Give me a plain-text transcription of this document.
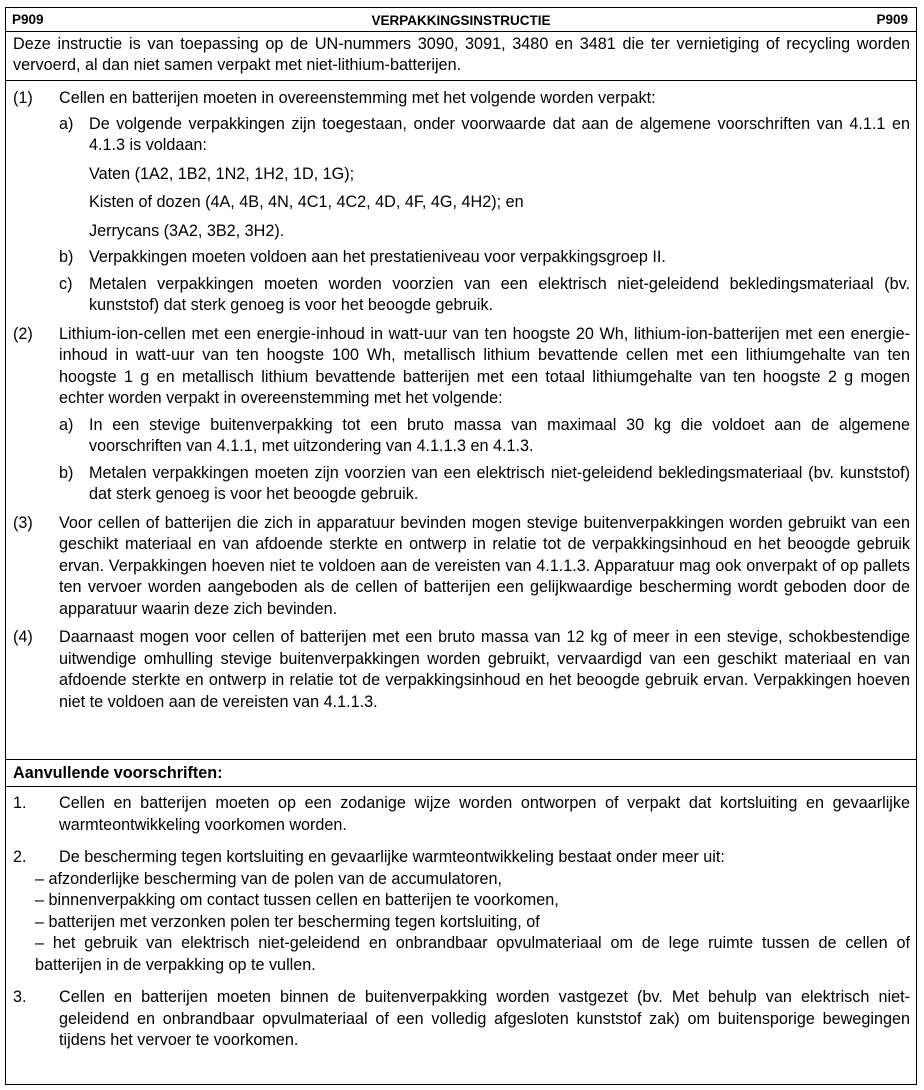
P909	VERPAKKINGSINSTRUCTIE	P909
Deze instructie is van toepassing op de UN-nummers 3090, 3091, 3480 en 3481 die ter vernietiging of recycling worden vervoerd, al dan niet samen verpakt met niet-lithium-batterijen.
(1)	Cellen en batterijen moeten in overeenstemming met het volgende worden verpakt:

a) De volgende verpakkingen zijn toegestaan, onder voorwaarde dat aan de algemene voorschriften van 4.1.1 en 4.1.3 is voldaan:
Vaten (1A2, 1B2, 1N2, 1H2, 1D, 1G);
Kisten of dozen (4A, 4B, 4N, 4C1, 4C2, 4D, 4F, 4G, 4H2); en
Jerrycans (3A2, 3B2, 3H2).
b) Verpakkingen moeten voldoen aan het prestatieniveau voor verpakkingsgroep II.
c)	Metalen verpakkingen moeten worden voorzien van een elektrisch niet-geleidend bekledingsmateriaal (bv. kunststof) dat sterk genoeg is voor het beoogde gebruik.
(2)	Lithium-ion-cellen met een energie-inhoud in watt-uur van ten hoogste 20 Wh, lithium-ion-batterijen met een energie-inhoud in watt-uur van ten hoogste 100 Wh, metallisch lithium bevattende cellen met een lithiumgehalte van ten hoogste 1 g en metallisch lithium bevattende batterijen met een totaal lithiumgehalte van ten hoogste 2 g mogen echter worden verpakt in overeenstemming met het volgende:

a) In een stevige buitenverpakking tot een bruto massa van maximaal 30 kg die voldoet aan de algemene voorschriften van 4.1.1, met uitzondering van 4.1.1.3 en 4.1.3.
b) Metalen verpakkingen moeten zijn voorzien van een elektrisch niet-geleidend bekledingsmateriaal (bv. kunststof) dat sterk genoeg is voor het beoogde gebruik.
(3)	Voor cellen of batterijen die zich in apparatuur bevinden mogen stevige buitenverpakkingen worden gebruikt van een geschikt materiaal en van afdoende sterkte en ontwerp in relatie tot de verpakkingsinhoud en het beoogde gebruik ervan. Verpakkingen hoeven niet te voldoen aan de vereisten van 4.1.1.3. Apparatuur mag ook onverpakt of op pallets ten vervoer worden aangeboden als de cellen of batterijen een gelijkwaardige bescherming wordt geboden door de apparatuur waarin deze zich bevinden.

(4)	Daarnaast mogen voor cellen of batterijen met een bruto massa van 12 kg of meer in een stevige, schokbestendige uitwendige omhulling stevige buitenverpakkingen worden gebruikt, vervaardigd van een geschikt materiaal en van afdoende sterkte en ontwerp in relatie tot de verpakkingsinhoud en het beoogde gebruik ervan. Verpakkingen hoeven niet te voldoen aan de vereisten van 4.1.1.3.

Aanvullende voorschriften:
1.	Cellen en batterijen moeten op een zodanige wijze worden ontworpen of verpakt dat kortsluiting en gevaarlijke warmteontwikkeling voorkomen worden.
2.	De bescherming tegen kortsluiting en gevaarlijke warmteontwikkeling bestaat onder meer uit:
– afzonderlijke bescherming van de polen van de accumulatoren,
– binnenverpakking om contact tussen cellen en batterijen te voorkomen,
– batterijen met verzonken polen ter bescherming tegen kortsluiting, of
– het gebruik van elektrisch niet-geleidend en onbrandbaar opvulmateriaal om de lege ruimte tussen de cellen of batterijen in de verpakking op te vullen.
3.	Cellen en batterijen moeten binnen de buitenverpakking worden vastgezet (bv. Met behulp van elektrisch niet-geleidend en onbrandbaar opvulmateriaal of een volledig afgesloten kunststof zak) om buitensporige bewegingen tijdens het vervoer te voorkomen.
